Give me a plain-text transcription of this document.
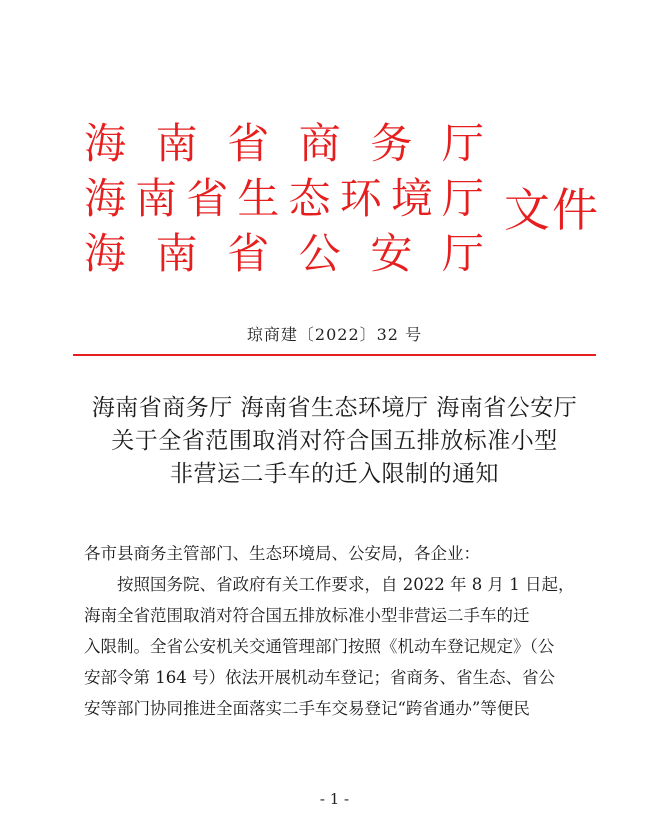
海 南 省 商 务 厅
海 南 省 生 态 环 境 厅
海 南 省 公 安 厅
文件
琼商建〔2022〕32 号
海南省商务厅 海南省生态环境厅 海南省公安厅
关于全省范围取消对符合国五排放标准小型
非营运二手车的迁入限制的通知
各市县商务主管部门、生态环境局、公安局，各企业：
　　按照国务院、省政府有关工作要求，自 2022 年 8 月 1 日起，
海南全省范围取消对符合国五排放标准小型非营运二手车的迁
入限制。全省公安机关交通管理部门按照《机动车登记规定》（公
安部令第 164 号）依法开展机动车登记；省商务、省生态、省公
安等部门协同推进全面落实二手车交易登记“跨省通办”等便民
- 1 -
